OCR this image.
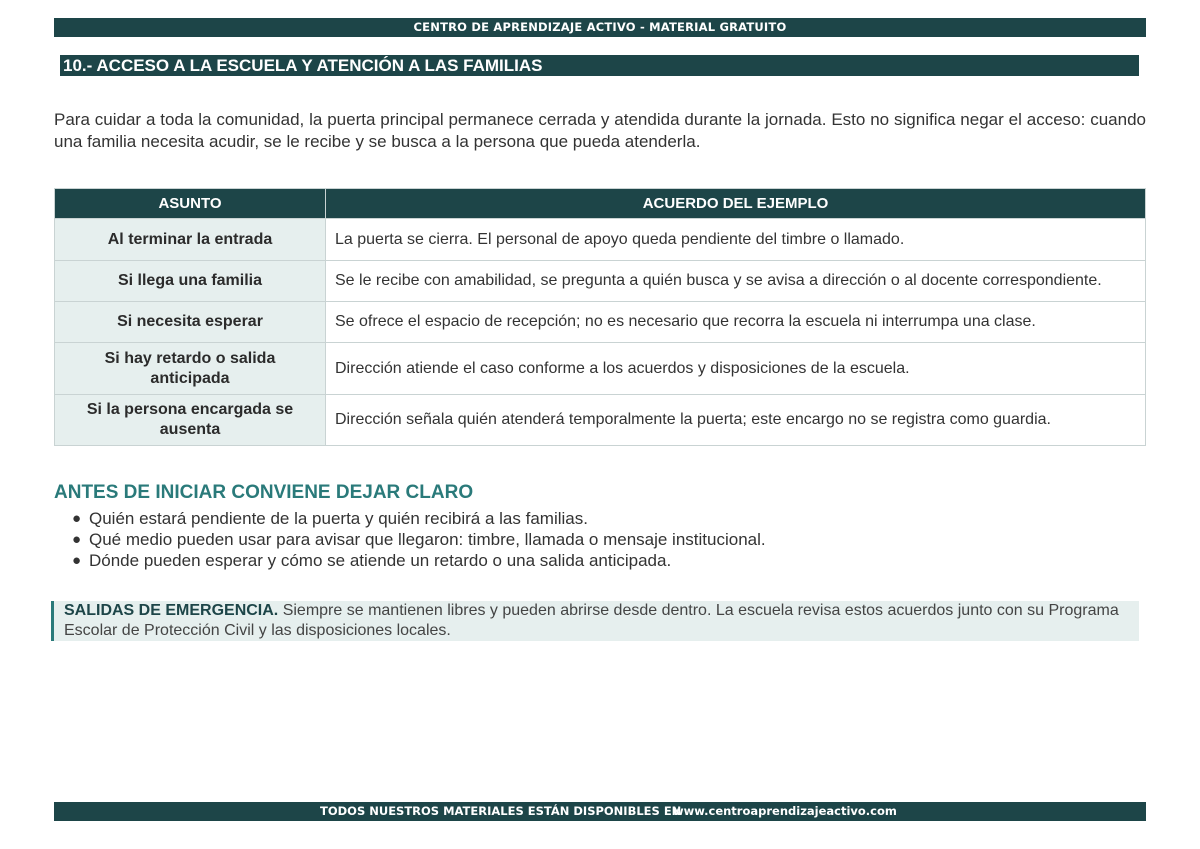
CENTRO DE APRENDIZAJE ACTIVO - MATERIAL GRATUITO
10.- ACCESO A LA ESCUELA Y ATENCIÓN A LAS FAMILIAS

Para cuidar a toda la comunidad, la puerta principal permanece cerrada y atendida durante la jornada. Esto no significa negar el acceso: cuando una familia necesita acudir, se le recibe y se busca a la persona que pueda atenderla.

ASUNTO	ACUERDO DEL EJEMPLO
Al terminar la entrada	La puerta se cierra. El personal de apoyo queda pendiente del timbre o llamado.
Si llega una familia	Se le recibe con amabilidad, se pregunta a quién busca y se avisa a dirección o al docente correspondiente.
Si necesita esperar	Se ofrece el espacio de recepción; no es necesario que recorra la escuela ni interrumpa una clase.
Si hay retardo o salida anticipada	Dirección atiende el caso conforme a los acuerdos y disposiciones de la escuela.
Si la persona encargada se ausenta	Dirección señala quién atenderá temporalmente la puerta; este encargo no se registra como guardia.
ANTES DE INICIAR CONVIENE DEJAR CLARO
● Quién estará pendiente de la puerta y quién recibirá a las familias.
● Qué medio pueden usar para avisar que llegaron: timbre, llamada o mensaje institucional.
● Dónde pueden esperar y cómo se atiende un retardo o una salida anticipada.
SALIDAS DE EMERGENCIA. Siempre se mantienen libres y pueden abrirse desde dentro. La escuela revisa estos acuerdos junto con su Programa Escolar de Protección Civil y las disposiciones locales.
TODOS NUESTROS MATERIALES ESTÁN DISPONIBLES EN
www.centroaprendizajeactivo.com
